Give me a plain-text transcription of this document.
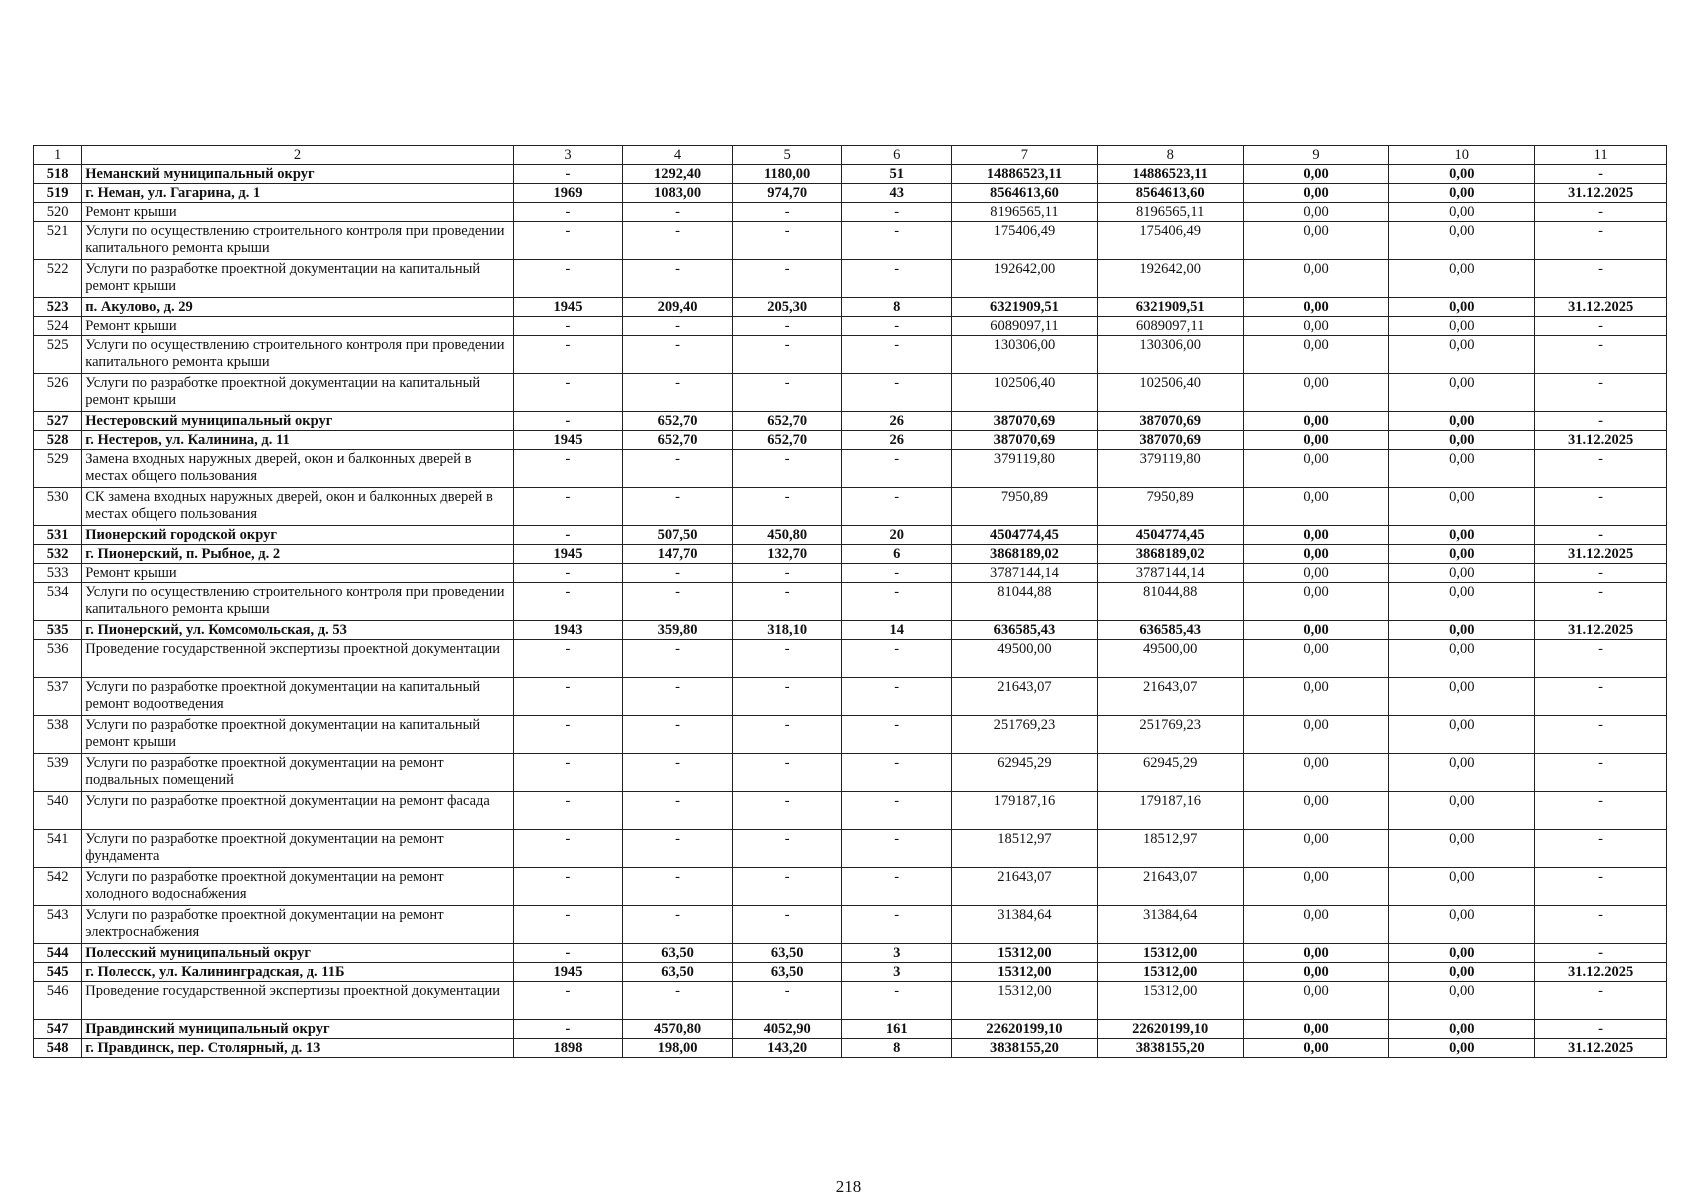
1	2	3	4	5	6	7	8	9	10	11
518	Неманский муниципальный округ	-	1292,40	1180,00	51	14886523,11	14886523,11	0,00	0,00	-
519	г. Неман, ул. Гагарина, д. 1	1969	1083,00	974,70	43	8564613,60	8564613,60	0,00	0,00	31.12.2025
520	Ремонт крыши	-	-	-	-	8196565,11	8196565,11	0,00	0,00	-
521	Услуги по осуществлению строительного контроля при проведении капитального ремонта крыши	-	-	-	-	175406,49	175406,49	0,00	0,00	-
522	Услуги по разработке проектной документации на капитальный ремонт крыши	-	-	-	-	192642,00	192642,00	0,00	0,00	-
523	п. Акулово, д. 29	1945	209,40	205,30	8	6321909,51	6321909,51	0,00	0,00	31.12.2025
524	Ремонт крыши	-	-	-	-	6089097,11	6089097,11	0,00	0,00	-
525	Услуги по осуществлению строительного контроля при проведении капитального ремонта крыши	-	-	-	-	130306,00	130306,00	0,00	0,00	-
526	Услуги по разработке проектной документации на капитальный ремонт крыши	-	-	-	-	102506,40	102506,40	0,00	0,00	-
527	Нестеровский муниципальный округ	-	652,70	652,70	26	387070,69	387070,69	0,00	0,00	-
528	г. Нестеров, ул. Калинина, д. 11	1945	652,70	652,70	26	387070,69	387070,69	0,00	0,00	31.12.2025
529	Замена входных наружных дверей, окон и балконных дверей в местах общего пользования	-	-	-	-	379119,80	379119,80	0,00	0,00	-
530	СК замена входных наружных дверей, окон и балконных дверей в местах общего пользования	-	-	-	-	7950,89	7950,89	0,00	0,00	-
531	Пионерский городской округ	-	507,50	450,80	20	4504774,45	4504774,45	0,00	0,00	-
532	г. Пионерский, п. Рыбное, д. 2	1945	147,70	132,70	6	3868189,02	3868189,02	0,00	0,00	31.12.2025
533	Ремонт крыши	-	-	-	-	3787144,14	3787144,14	0,00	0,00	-
534	Услуги по осуществлению строительного контроля при проведении капитального ремонта крыши	-	-	-	-	81044,88	81044,88	0,00	0,00	-
535	г. Пионерский, ул. Комсомольская, д. 53	1943	359,80	318,10	14	636585,43	636585,43	0,00	0,00	31.12.2025
536	Проведение государственной экспертизы проектной документации	-	-	-	-	49500,00	49500,00	0,00	0,00	-
537	Услуги по разработке проектной документации на капитальный ремонт водоотведения	-	-	-	-	21643,07	21643,07	0,00	0,00	-
538	Услуги по разработке проектной документации на капитальный ремонт крыши	-	-	-	-	251769,23	251769,23	0,00	0,00	-
539	Услуги по разработке проектной документации на ремонт подвальных помещений	-	-	-	-	62945,29	62945,29	0,00	0,00	-
540	Услуги по разработке проектной документации на ремонт фасада	-	-	-	-	179187,16	179187,16	0,00	0,00	-
541	Услуги по разработке проектной документации на ремонт фундамента	-	-	-	-	18512,97	18512,97	0,00	0,00	-
542	Услуги по разработке проектной документации на ремонт холодного водоснабжения	-	-	-	-	21643,07	21643,07	0,00	0,00	-
543	Услуги по разработке проектной документации на ремонт электроснабжения	-	-	-	-	31384,64	31384,64	0,00	0,00	-
544	Полесский муниципальный округ	-	63,50	63,50	3	15312,00	15312,00	0,00	0,00	-
545	г. Полесск, ул. Калининградская, д. 11Б	1945	63,50	63,50	3	15312,00	15312,00	0,00	0,00	31.12.2025
546	Проведение государственной экспертизы проектной документации	-	-	-	-	15312,00	15312,00	0,00	0,00	-
547	Правдинский муниципальный округ	-	4570,80	4052,90	161	22620199,10	22620199,10	0,00	0,00	-
548	г. Правдинск, пер. Столярный, д. 13	1898	198,00	143,20	8	3838155,20	3838155,20	0,00	0,00	31.12.2025
218
